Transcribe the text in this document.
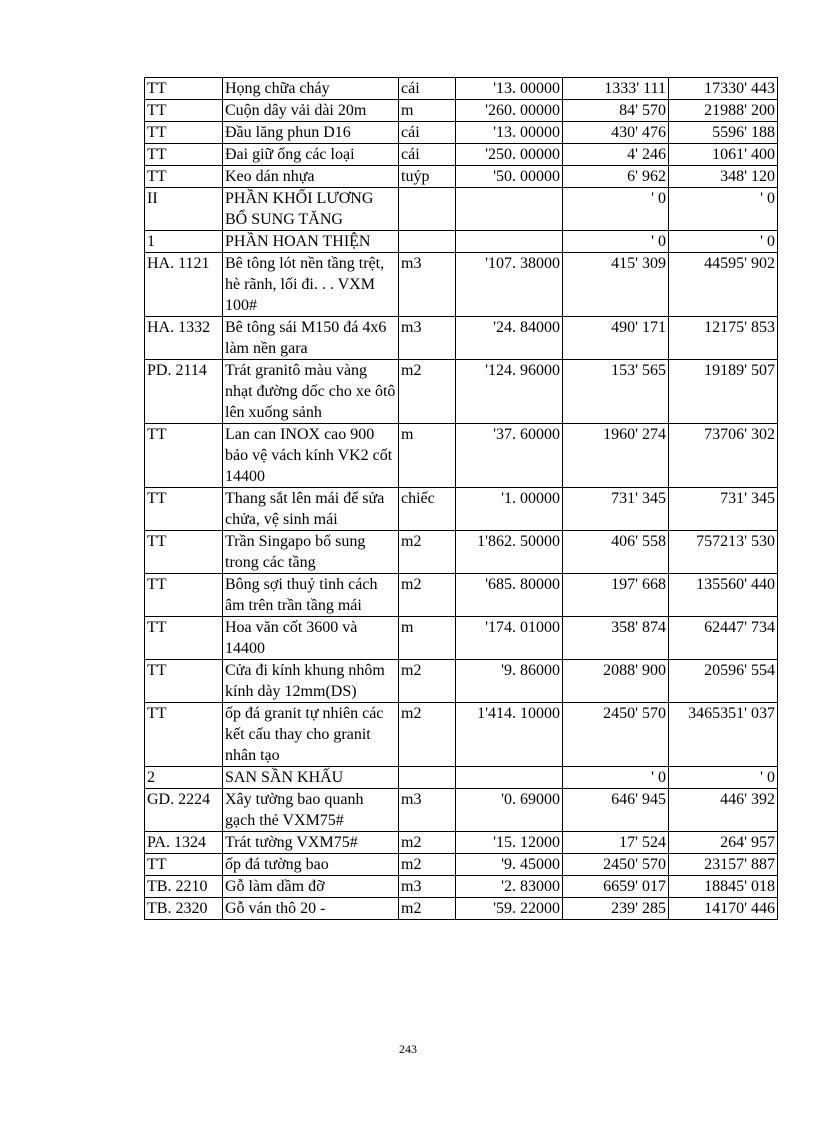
TT	Họng chữa cháy	cái	'13. 00000	1333' 111	17330' 443
TT	Cuộn dây vải dài 20m	m	'260. 00000	84' 570	21988' 200
TT	Đầu lăng phun D16	cái	'13. 00000	430' 476	5596' 188
TT	Đai giữ ống các loại	cái	'250. 00000	4' 246	1061' 400
TT	Keo dán nhựa	tuýp	'50. 00000	6' 962	348' 120
II	PHẦN KHỐI LƯƠNG BỔ SUNG TĂNG			' 0	' 0
1	PHẦN HOAN THIỆN			' 0	' 0
HA. 1121	Bê tông lót nền tầng trệt, hè rãnh, lối đi. . . VXM 100#	m3	'107. 38000	415' 309	44595' 902
HA. 1332	Bê tông sái M150 đá 4x6 làm nền gara	m3	'24. 84000	490' 171	12175' 853
PD. 2114	Trát granitô màu vàng nhạt đường dốc cho xe ôtô lên xuống sảnh	m2	'124. 96000	153' 565	19189' 507
TT	Lan can INOX cao 900 bảo vệ vách kính VK2 cốt 14400	m	'37. 60000	1960' 274	73706' 302
TT	Thang sắt lên mái để sửa chửa, vệ sinh mái	chiếc	'1. 00000	731' 345	731' 345
TT	Trần Singapo bổ sung trong các tầng	m2	1'862. 50000	406' 558	757213' 530
TT	Bông sợi thuỷ tinh cách âm trên trần tầng mái	m2	'685. 80000	197' 668	135560' 440
TT	Hoa văn cốt 3600 và 14400	m	'174. 01000	358' 874	62447' 734
TT	Cửa đi kính khung nhôm kính dày 12mm(DS)	m2	'9. 86000	2088' 900	20596' 554
TT	ốp đá granit tự nhiên các kết cấu thay cho granit nhân tạo	m2	1'414. 10000	2450' 570	3465351' 037
2	SAN SẦN KHẤU			' 0	' 0
GD. 2224	Xây tường bao quanh gạch thẻ VXM75#	m3	'0. 69000	646' 945	446' 392
PA. 1324	Trát tường VXM75#	m2	'15. 12000	17' 524	264' 957
TT	ốp đá tường bao	m2	'9. 45000	2450' 570	23157' 887
TB. 2210	Gỗ làm dầm đỡ	m3	'2. 83000	6659' 017	18845' 018
TB. 2320	Gỗ ván thô 20 -	m2	'59. 22000	239' 285	14170' 446
243
